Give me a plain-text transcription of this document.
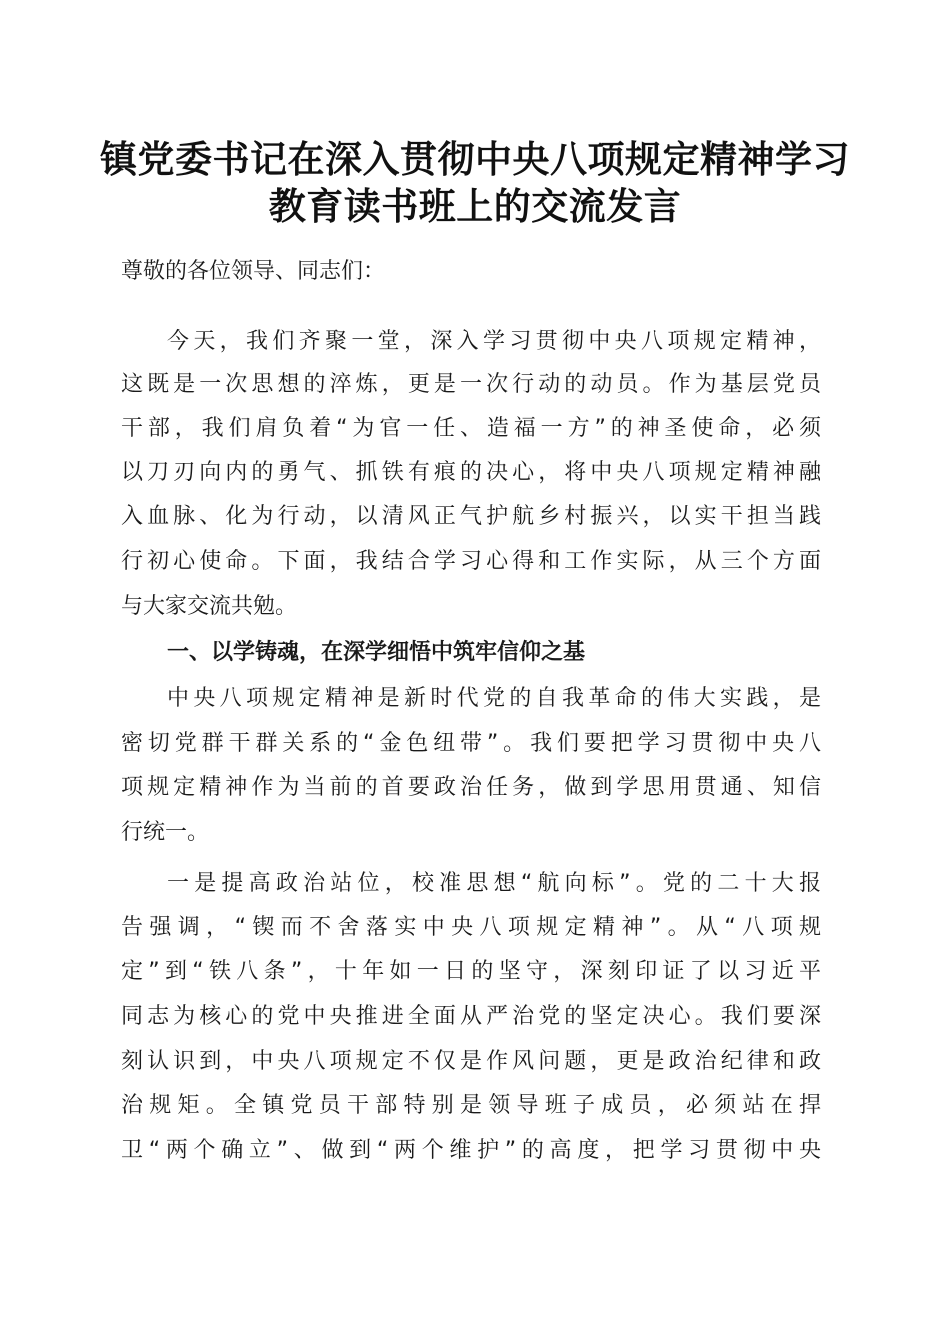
镇党委书记在深入贯彻中央八项规定精神学习
教育读书班上的交流发言
尊敬的各位领导、同志们：
今天，我们齐聚一堂，深入学习贯彻中央八项规定精神，
这既是一次思想的淬炼，更是一次行动的动员。作为基层党员
干部，我们肩负着“为官一任、造福一方”的神圣使命，必须
以刀刃向内的勇气、抓铁有痕的决心，将中央八项规定精神融
入血脉、化为行动，以清风正气护航乡村振兴，以实干担当践
行初心使命。下面，我结合学习心得和工作实际，从三个方面
与大家交流共勉。
一、以学铸魂，在深学细悟中筑牢信仰之基
中央八项规定精神是新时代党的自我革命的伟大实践，是
密切党群干群关系的“金色纽带”。我们要把学习贯彻中央八
项规定精神作为当前的首要政治任务，做到学思用贯通、知信
行统一。
一是提高政治站位，校准思想“航向标”。党的二十大报
告强调，“锲而不舍落实中央八项规定精神”。从“八项规
定”到“铁八条”，十年如一日的坚守，深刻印证了以习近平
同志为核心的党中央推进全面从严治党的坚定决心。我们要深
刻认识到，中央八项规定不仅是作风问题，更是政治纪律和政
治规矩。全镇党员干部特别是领导班子成员，必须站在捍
卫“两个确立”、做到“两个维护”的高度，把学习贯彻中央
